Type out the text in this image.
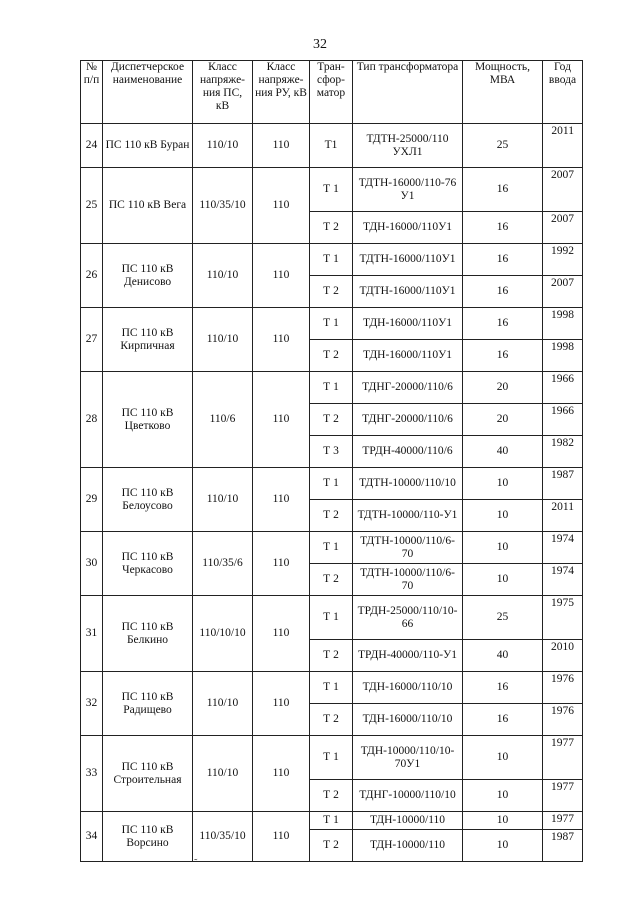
32
№ п/п	Диспетчерское наименование	Класс напряже-ния ПС, кВ	Класс напряже-ния РУ, кВ	Тран-сфор-матор	Тип трансформатора	Мощность, МВА	Год ввода
24	ПС 110 кВ Буран	110/10	110	Т1	ТДТН-25000/110 УХЛ1	25	2011
25	ПС 110 кВ Вега	110/35/10	110	Т 1	ТДТН-16000/110-76 У1	16	2007
				Т 2	ТДН-16000/110У1	16	2007
26	ПС 110 кВ Денисово	110/10	110	Т 1	ТДТН-16000/110У1	16	1992
				Т 2	ТДТН-16000/110У1	16	2007
27	ПС 110 кВ Кирпичная	110/10	110	Т 1	ТДН-16000/110У1	16	1998
				Т 2	ТДН-16000/110У1	16	1998
28	ПС 110 кВ Цветково	110/6	110	Т 1	ТДНГ-20000/110/6	20	1966
				Т 2	ТДНГ-20000/110/6	20	1966
				Т 3	ТРДН-40000/110/6	40	1982
29	ПС 110 кВ Белоусово	110/10	110	Т 1	ТДТН-10000/110/10	10	1987
				Т 2	ТДТН-10000/110-У1	10	2011
30	ПС 110 кВ Черкасово	110/35/6	110	Т 1	ТДТН-10000/110/6-70	10	1974
				Т 2	ТДТН-10000/110/6-70	10	1974
31	ПС 110 кВ Белкино	110/10/10	110	Т 1	ТРДН-25000/110/10-66	25	1975
				Т 2	ТРДН-40000/110-У1	40	2010
32	ПС 110 кВ Радищево	110/10	110	Т 1	ТДН-16000/110/10	16	1976
				Т 2	ТДН-16000/110/10	16	1976
33	ПС 110 кВ Строительная	110/10	110	Т 1	ТДН-10000/110/10-70У1	10	1977
				Т 2	ТДНГ-10000/110/10	10	1977
34	ПС 110 кВ Ворсино	110/35/10	110	Т 1	ТДН-10000/110	10	1977
				Т 2	ТДН-10000/110	10	1987
˜
